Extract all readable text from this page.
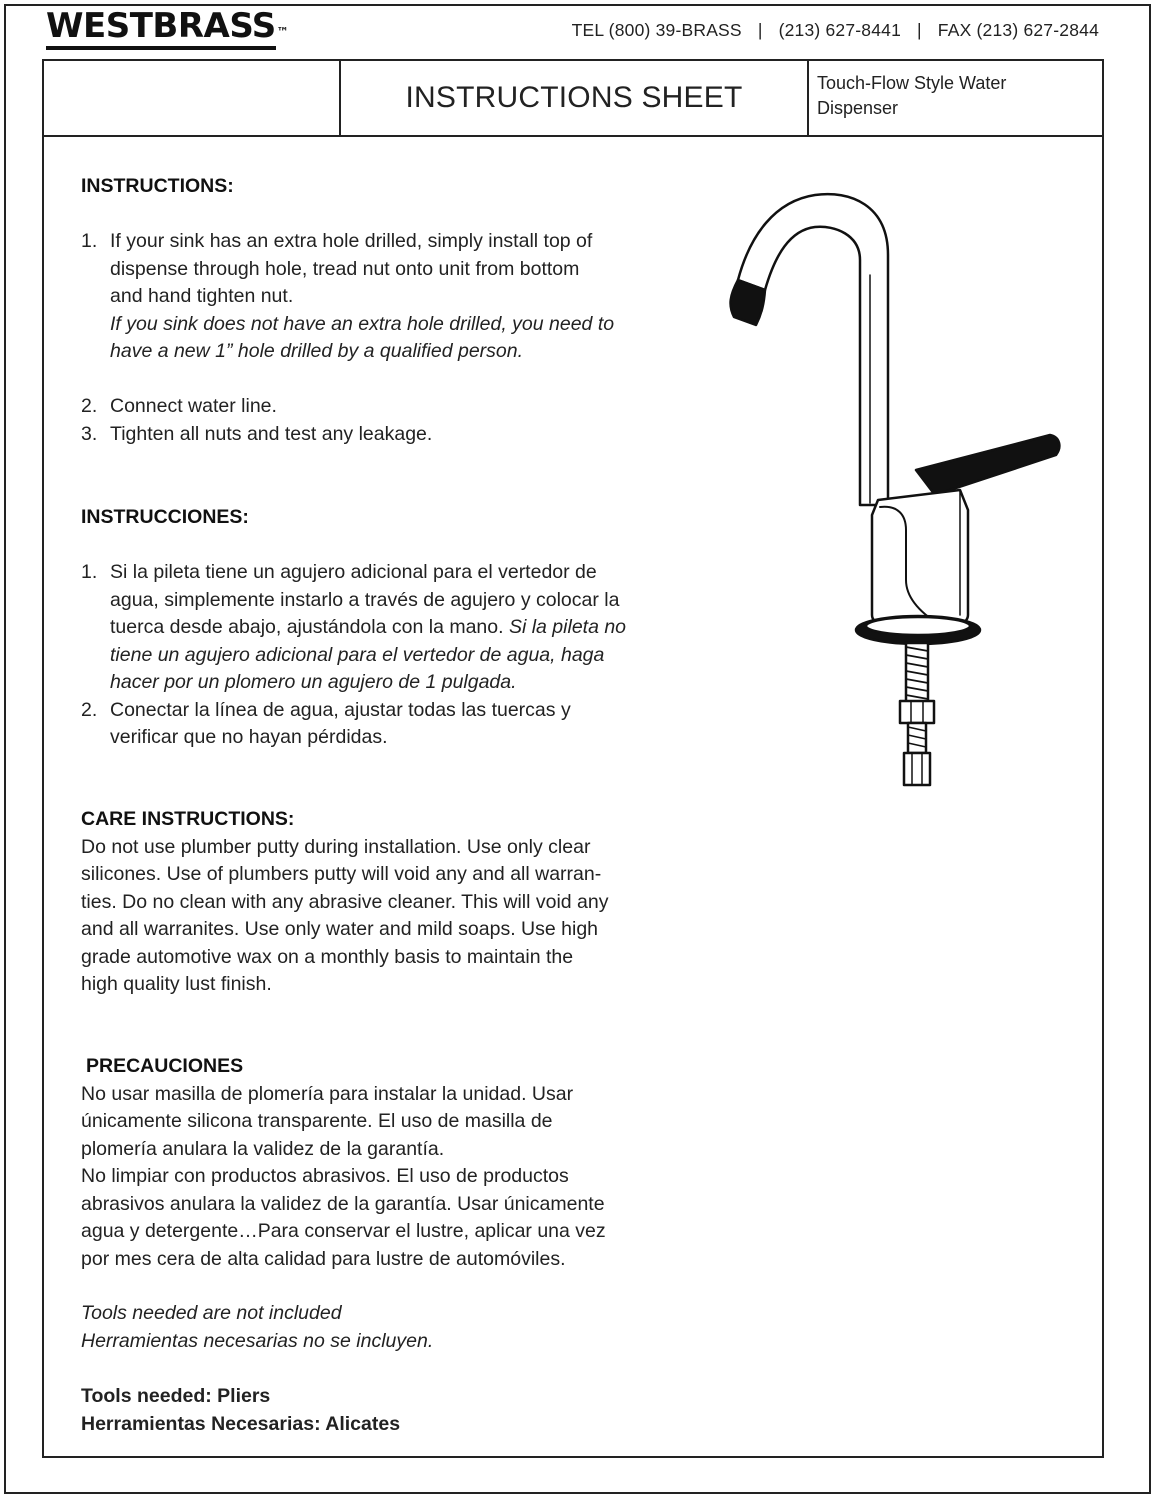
WESTBRASS™	TEL (800) 39-BRASS | (213) 627-8441 | FAX (213) 627-2844
INSTRUCTIONS SHEET	Touch-Flow Style Water
Dispenser
INSTRUCTIONS:
1. If your sink has an extra hole drilled, simply install top of
dispense through hole, tread nut onto unit from bottom
and hand tighten nut.
If you sink does not have an extra hole drilled, you need to
have a new 1” hole drilled by a qualified person.
2. Connect water line.
3. Tighten all nuts and test any leakage.
INSTRUCCIONES:
1. Si la pileta tiene un agujero adicional para el vertedor de
agua, simplemente instarlo a través de agujero y colocar la
tuerca desde abajo, ajustándola con la mano. Si la pileta no
tiene un agujero adicional para el vertedor de agua, haga
hacer por un plomero un agujero de 1 pulgada.
2. Conectar la línea de agua, ajustar todas las tuercas y
verificar que no hayan pérdidas.
CARE INSTRUCTIONS:
Do not use plumber putty during installation. Use only clear
silicones. Use of plumbers putty will void any and all warran-
ties. Do no clean with any abrasive cleaner. This will void any
and all warranites. Use only water and mild soaps. Use high
grade automotive wax on a monthly basis to maintain the
high quality lust finish.
PRECAUCIONES
No usar masilla de plomería para instalar la unidad. Usar
únicamente silicona transparente. El uso de masilla de
plomería anulara la validez de la garantía.
No limpiar con productos abrasivos. El uso de productos
abrasivos anulara la validez de la garantía. Usar únicamente
agua y detergente…Para conservar el lustre, aplicar una vez
por mes cera de alta calidad para lustre de automóviles.
Tools needed are not included
Herramientas necesarias no se incluyen.
Tools needed: Pliers
Herramientas Necesarias: Alicates
